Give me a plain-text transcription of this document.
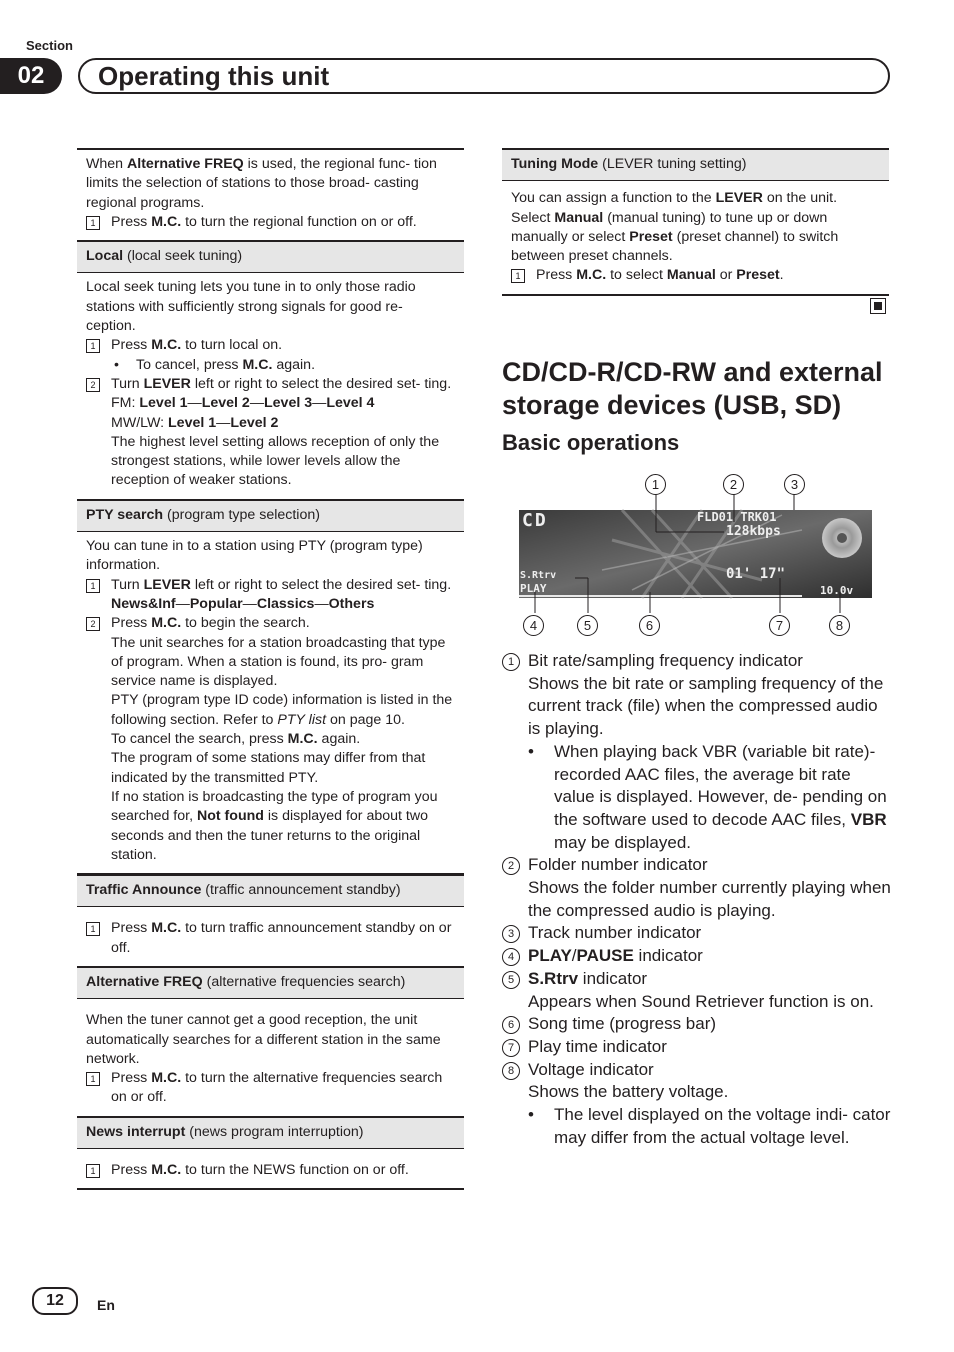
Section
02	Operating this unit
When Alternative FREQ is used, the regional func- tion limits the selection of stations to those broad- casting regional programs.
1	Press M.C. to turn the regional function on or off.
Local (local seek tuning)
Local seek tuning lets you tune in to only those radio stations with sufficiently strong signals for good re- ception.
1	Press M.C. to turn local on.
•	To cancel, press M.C. again.
2	Turn LEVER left or right to select the desired set- ting.
FM: Level 1—Level 2—Level 3—Level 4
MW/LW: Level 1—Level 2
The highest level setting allows reception of only the strongest stations, while lower levels allow the reception of weaker stations.
PTY search (program type selection)
You can tune in to a station using PTY (program type) information.
1	Turn LEVER left or right to select the desired set- ting.
News&Inf—Popular—Classics—Others
2	Press M.C. to begin the search.
The unit searches for a station broadcasting that type of program. When a station is found, its pro- gram service name is displayed.
PTY (program type ID code) information is listed in the following section. Refer to PTY list on page 10.
To cancel the search, press M.C. again.
The program of some stations may differ from that indicated by the transmitted PTY.
If no station is broadcasting the type of program you searched for, Not found is displayed for about two seconds and then the tuner returns to the original station.
Traffic Announce (traffic announcement standby)
1	Press M.C. to turn traffic announcement standby on or off.
Alternative FREQ (alternative frequencies search)
When the tuner cannot get a good reception, the unit automatically searches for a different station in the same network.
1	Press M.C. to turn the alternative frequencies search on or off.
News interrupt (news program interruption)
1	Press M.C. to turn the NEWS function on or off.
Tuning Mode (LEVER tuning setting)
You can assign a function to the LEVER on the unit. Select Manual (manual tuning) to tune up or down manually or select Preset (preset channel) to switch between preset channels.
1	Press M.C. to select Manual or Preset.
CD/CD-R/CD-RW and external storage devices (USB, SD)
Basic operations
1	2	3
CD	FLD01 TRK01
128kbps
S.Rtrv
PLAY
01' 17"
10.0v
4	5	6	7	8
1 Bit rate/sampling frequency indicator
Shows the bit rate or sampling frequency of the current track (file) when the compressed audio is playing.
•	When playing back VBR (variable bit rate)-recorded AAC files, the average bit rate value is displayed. However, de- pending on the software used to decode AAC files, VBR may be displayed.
2 Folder number indicator
Shows the folder number currently playing when the compressed audio is playing.
3 Track number indicator
4 PLAY/PAUSE indicator
5 S.Rtrv indicator
Appears when Sound Retriever function is on.
6 Song time (progress bar)
7 Play time indicator
8 Voltage indicator
Shows the battery voltage.
•	The level displayed on the voltage indi- cator may differ from the actual voltage level.
12	En
